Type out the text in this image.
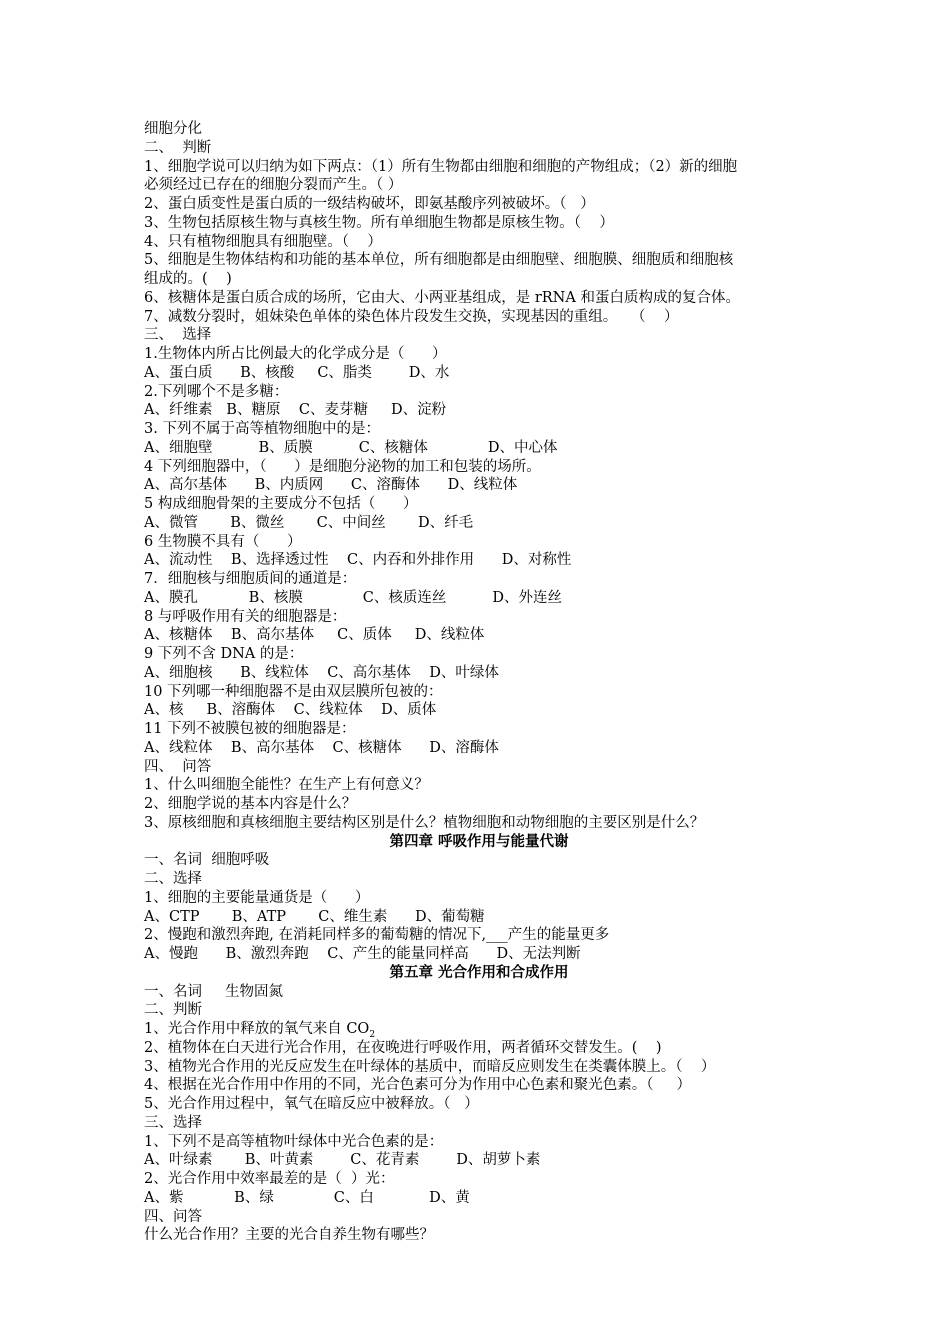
细胞分化
二、  判断
1、细胞学说可以归纳为如下两点：（1）所有生物都由细胞和细胞的产物组成；（2）新的细胞
必须经过已存在的细胞分裂而产生。（ ）
2、蛋白质变性是蛋白质的一级结构破坏，即氨基酸序列被破坏。（   ）
3、生物包括原核生物与真核生物。所有单细胞生物都是原核生物。（    ）
4、只有植物细胞具有细胞壁。（    ）
5、细胞是生物体结构和功能的基本单位，所有细胞都是由细胞壁、细胞膜、细胞质和细胞核
组成的。(    )
6、核糖体是蛋白质合成的场所，它由大、小两亚基组成，是 rRNA 和蛋白质构成的复合体。
7、减数分裂时，姐妹染色单体的染色体片段发生交换，实现基因的重组。   （    ）
三、  选择
1.生物体内所占比例最大的化学成分是（      ）
A、蛋白质      B、核酸     C、脂类        D、水
2.下列哪个不是多糖：
A、纤维素   B、糖原    C、麦芽糖     D、淀粉
3. 下列不属于高等植物细胞中的是：
A、细胞壁          B、质膜          C、核糖体             D、中心体
4 下列细胞器中，（      ）是细胞分泌物的加工和包装的场所。
A、高尔基体      B、内质网      C、溶酶体      D、线粒体
5 构成细胞骨架的主要成分不包括（      ）
A、微管       B、微丝       C、中间丝       D、纤毛
6 生物膜不具有（      ）
A、流动性    B、选择透过性    C、内吞和外排作用      D、对称性
7．细胞核与细胞质间的通道是：
A、膜孔           B、核膜             C、核质连丝          D、外连丝
8 与呼吸作用有关的细胞器是：
A、核糖体    B、高尔基体     C、质体     D、线粒体
9 下列不含 DNA 的是：
A、细胞核      B、线粒体    C、高尔基体    D、叶绿体
10 下列哪一种细胞器不是由双层膜所包被的：
A、核     B、溶酶体    C、线粒体    D、质体
11 下列不被膜包被的细胞器是：
A、线粒体    B、高尔基体    C、核糖体      D、溶酶体
四、  问答
1、什么叫细胞全能性？在生产上有何意义？
2、细胞学说的基本内容是什么？
3、原核细胞和真核细胞主要结构区别是什么？植物细胞和动物细胞的主要区别是什么？
第四章 呼吸作用与能量代谢
一、名词  细胞呼吸
二、选择
1、细胞的主要能量通货是（      ）
A、CTP       B、ATP       C、维生素      D、葡萄糖
2、慢跑和激烈奔跑, 在消耗同样多的葡萄糖的情况下,___产生的能量更多
A、慢跑      B、激烈奔跑    C、产生的能量同样高      D、无法判断
第五章 光合作用和合成作用
一、名词     生物固氮
二、判断
1、光合作用中释放的氧气来自 $CO_2$
2、植物体在白天进行光合作用，在夜晚进行呼吸作用，两者循环交替发生。(    )
3、植物光合作用的光反应发生在叶绿体的基质中，而暗反应则发生在类囊体膜上。（    ）
4、根据在光合作用中作用的不同，光合色素可分为作用中心色素和聚光色素。（     ）
5、光合作用过程中，氧气在暗反应中被释放。（   ）
三、选择
1、下列不是高等植物叶绿体中光合色素的是：
A、叶绿素       B、叶黄素        C、花青素        D、胡萝卜素
2、光合作用中效率最差的是（  ）光：
A、紫           B、绿             C、白            D、黄
四、问答
什么光合作用？主要的光合自养生物有哪些？
